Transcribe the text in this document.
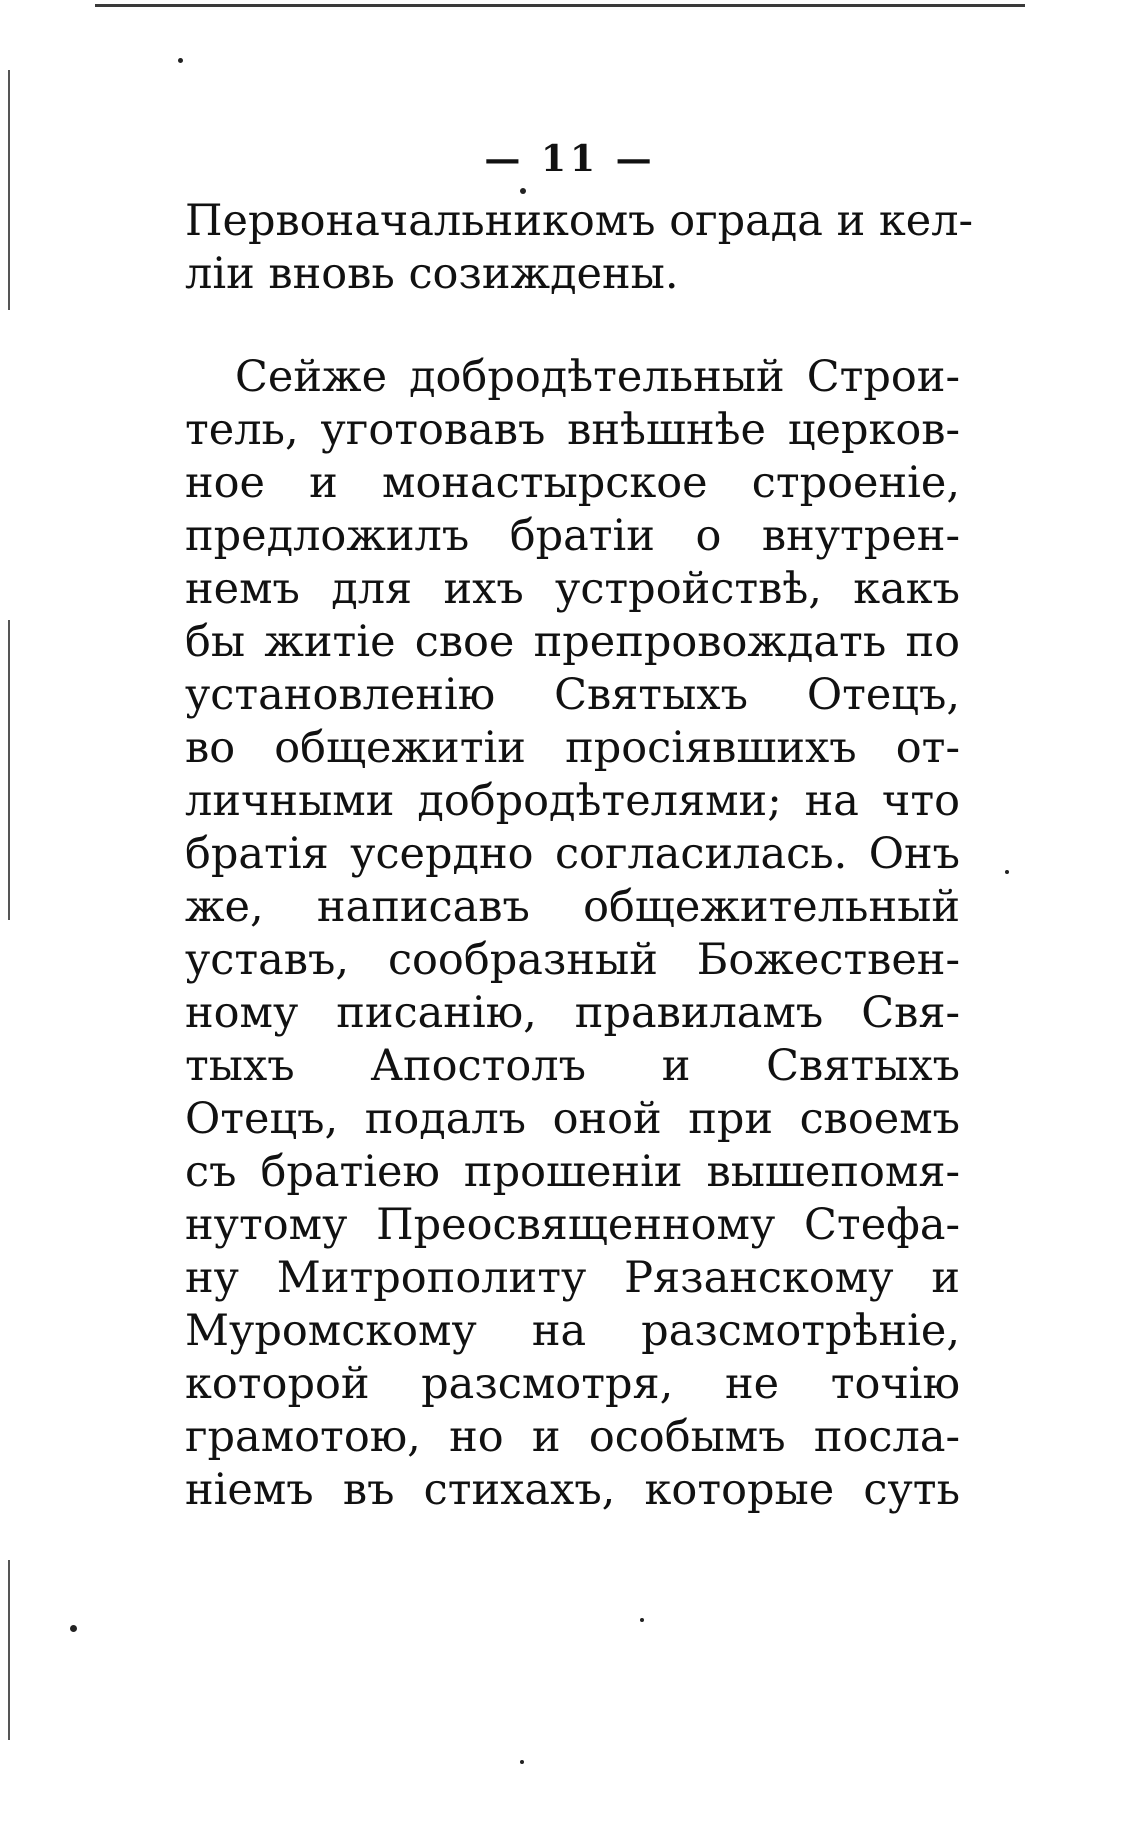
— 11 —
Первоначальникомъ ограда и кел-
ліи вновь созиждены.
Сейже добродѣтельный Строи-
тель, уготовавъ внѣшнѣе церков-
ное и монастырское строеніе,
предложилъ братіи о внутрен-
немъ для ихъ устройствѣ, какъ
бы житіе свое препровождать по
установленію Святыхъ Отецъ,
во общежитіи просіявшихъ от-
личными добродѣтелями; на что
братія усердно согласилась. Онъ
же, написавъ общежительный
уставъ, сообразный Божествен-
ному писанію, правиламъ Свя-
тыхъ Апостолъ и Святыхъ
Отецъ, подалъ оной при своемъ
съ братіею прошеніи вышепомя-
нутому Преосвященному Стефа-
ну Митрополиту Рязанскому и
Муромскому на разсмотрѣніе,
которой разсмотря, не точію
грамотою, но и особымъ посла-
ніемъ въ стихахъ, которые суть
